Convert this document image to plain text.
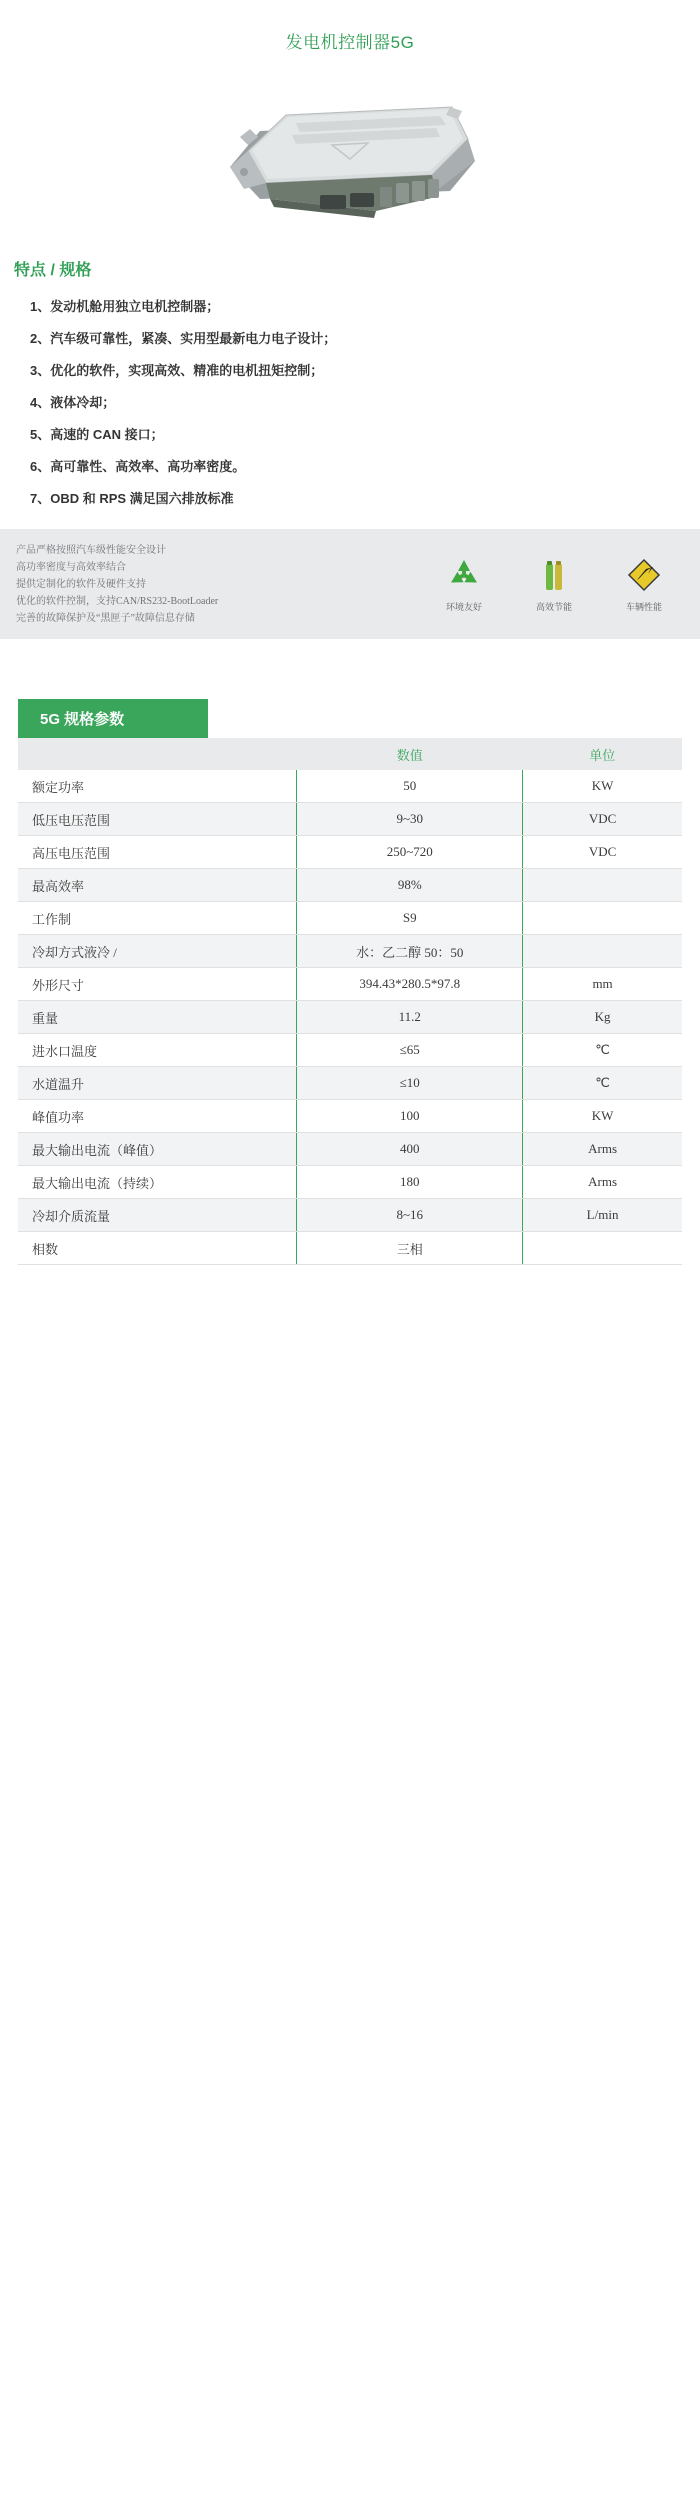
发电机控制器5G
特点 / 规格
1、发动机舱用独立电机控制器；
2、汽车级可靠性，紧凑、实用型最新电力电子设计；
3、优化的软件，实现高效、精准的电机扭矩控制；
4、液体冷却；
5、高速的 CAN 接口；
6、高可靠性、高效率、高功率密度。
7、OBD 和 RPS 满足国六排放标准
产品严格按照汽车级性能安全设计
高功率密度与高效率结合
提供定制化的软件及硬件支持
优化的软件控制，支持CAN/RS232-BootLoader
完善的故障保护及“黑匣子”故障信息存储
环境友好	高效节能	车辆性能
5G 规格参数
	数值	单位
额定功率	50	KW
低压电压范围	9~30	VDC
高压电压范围	250~720	VDC
最高效率	98%	
工作制	S9	
冷却方式液冷 /	水：乙二醇 50：50	
外形尺寸	394.43*280.5*97.8	mm
重量	11.2	Kg
进水口温度	≤65	℃
水道温升	≤10	℃
峰值功率	100	KW
最大输出电流（峰值）	400	Arms
最大输出电流（持续）	180	Arms
冷却介质流量	8~16	L/min
相数	三相	
